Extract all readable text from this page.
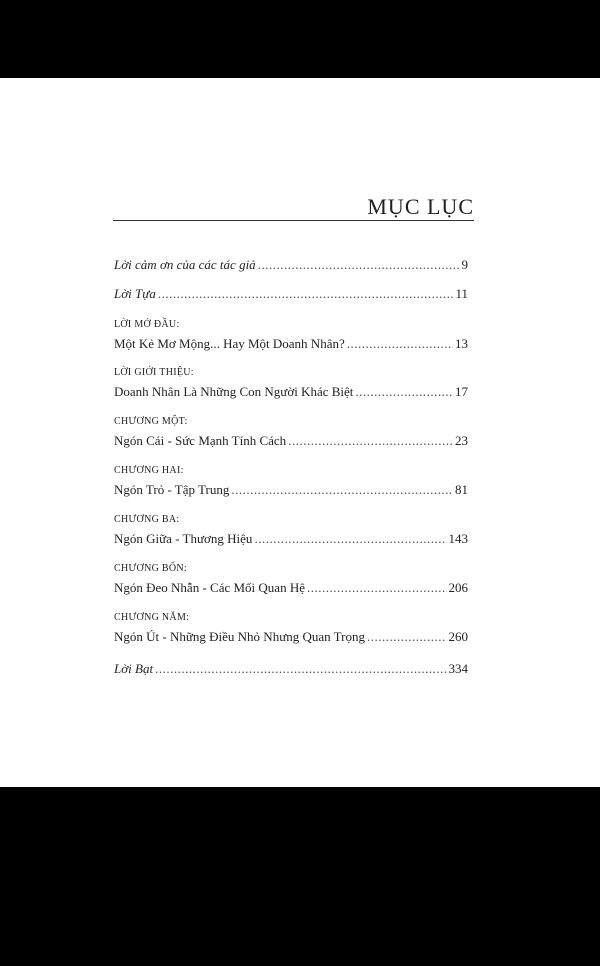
MỤC LỤC
Lời cảm ơn của các tác giả .....	9
Lời Tựa .....	11
LỜI MỞ ĐẦU:
Một Kẻ Mơ Mộng... Hay Một Doanh Nhân? .....	13
LỜI GIỚI THIỆU:
Doanh Nhân Là Những Con Người Khác Biệt .....	17
CHƯƠNG MỘT:
Ngón Cái - Sức Mạnh Tính Cách .....	23
CHƯƠNG HAI:
Ngón Trỏ - Tập Trung .....	81
CHƯƠNG BA:
Ngón Giữa - Thương Hiệu .....	143
CHƯƠNG BỐN:
Ngón Đeo Nhẫn - Các Mối Quan Hệ .....	206
CHƯƠNG NĂM:
Ngón Út - Những Điều Nhỏ Nhưng Quan Trọng .....	260
Lời Bạt .....	334
